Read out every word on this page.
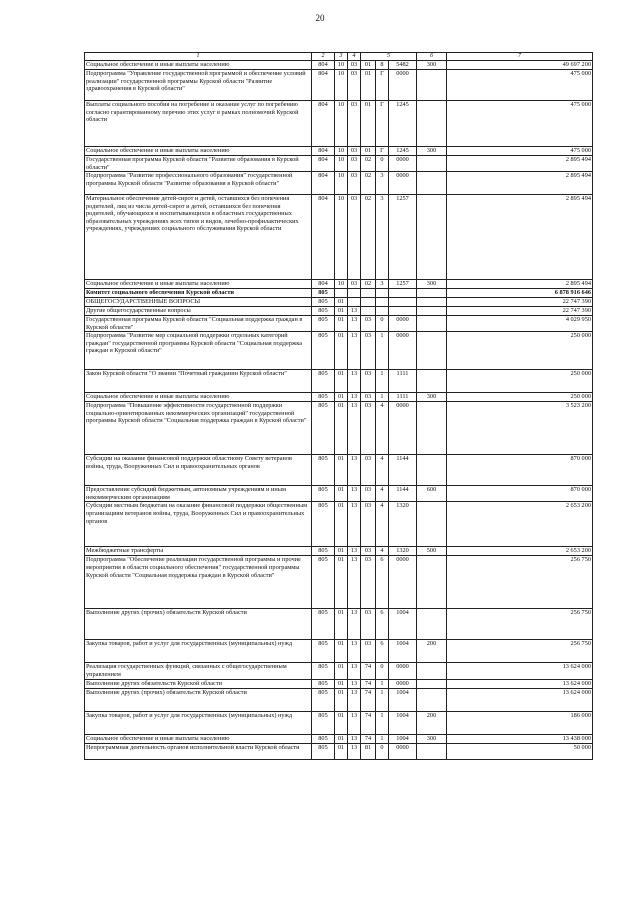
20
1	2	3	4	5			6	7
Социальное обеспечение и иные выплаты населению	804	10	03	01	8	5482	300	49 697 200
Подпрограмма "Управление государственной программой и обеспечение условий реализации" государственной программы Курской области "Развитие здравоохранения в Курской области"	804	10	03	01	Г	0000		475 000
Выплаты социального пособия на погребение и оказание услуг по погребению согласно гарантированному перечню этих услуг в рамках полномочий Курской области	804	10	03	01	Г	1245		475 000
Социальное обеспечение и иные выплаты населению	804	10	03	01	Г	1245	300	475 000
Государственная программа Курской области "Развитие образования в Курской области"	804	10	03	02	0	0000		2 895 494
Подпрограмма "Развитие профессионального образования" государственной программы Курской области "Развитие образования в Курской области"	804	10	03	02	3	0000		2 895 494
Материальное обеспечение детей-сирот и детей, оставшихся без попечения родителей, лиц из числа детей-сирот и детей, оставшихся без попечения родителей, обучающихся и воспитывающихся в областных государственных образовательных учреждениях всех типов и видов, лечебно-профилактических учреждениях, учреждениях социального обслуживания Курской области	804	10	03	02	3	1257		2 895 494
Социальное обеспечение и иные выплаты населению	804	10	03	02	3	1257	300	2 895 494
Комитет социального обеспечения Курской области	805							6 878 916 646
ОБЩЕГОСУДАРСТВЕННЫЕ ВОПРОСЫ	805	01						22 747 390
Другие общегосударственные вопросы	805	01	13					22 747 390
Государственная программа Курской области "Социальная поддержка граждан в Курской области"	805	01	13	03	0	0000		4 029 950
Подпрограмма "Развитие мер социальной поддержки отдельных категорий граждан" государственной программы Курской области "Социальная поддержка граждан в Курской области"	805	01	13	03	1	0000		250 000
Закон Курской области "О звании "Почетный гражданин Курской области"	805	01	13	03	1	1111		250 000
Социальное обеспечение и иные выплаты населению	805	01	13	03	1	1111	300	250 000
Подпрограмма "Повышение эффективности государственной поддержки социально-ориентированных некоммерческих организаций" государственной программы Курской области "Социальная поддержка граждан в Курской области"	805	01	13	03	4	0000		3 523 200
Субсидии на оказание финансовой поддержки областному Совету ветеранов войны, труда, Вооруженных Сил и правоохранительных органов	805	01	13	03	4	1144		870 000
Предоставление субсидий бюджетным, автономным учреждениям и иным некоммерческим организациям	805	01	13	03	4	1144	600	870 000
Субсидии местным бюджетам на оказание финансовой поддержки общественным организациям ветеранов войны, труда, Вооруженных Сил и правоохранительных органов	805	01	13	03	4	1320		2 653 200
Межбюджетные трансферты	805	01	13	03	4	1320	500	2 653 200
Подпрограмма "Обеспечение реализации государственной программы и прочие мероприятия в области социального обеспечения" государственной программы Курской области "Социальная поддержка граждан в Курской области"	805	01	13	03	6	0000		256 750
Выполнение других (прочих) обязательств Курской области	805	01	13	03	6	1004		256 750
Закупка товаров, работ и услуг для государственных (муниципальных) нужд	805	01	13	03	6	1004	200	256 750
Реализация государственных функций, связанных с общегосударственным управлением	805	01	13	74	0	0000		13 624 000
Выполнение других обязательств Курской области	805	01	13	74	1	0000		13 624 000
Выполнение других (прочих) обязательств Курской области	805	01	13	74	1	1004		13 624 000
Закупка товаров, работ и услуг для государственных (муниципальных) нужд	805	01	13	74	1	1004	200	186 000
Социальное обеспечение и иные выплаты населению	805	01	13	74	1	1004	300	13 438 000
Непрограммная деятельность органов исполнительной власти Курской области	805	01	13	81	0	0000		50 000
